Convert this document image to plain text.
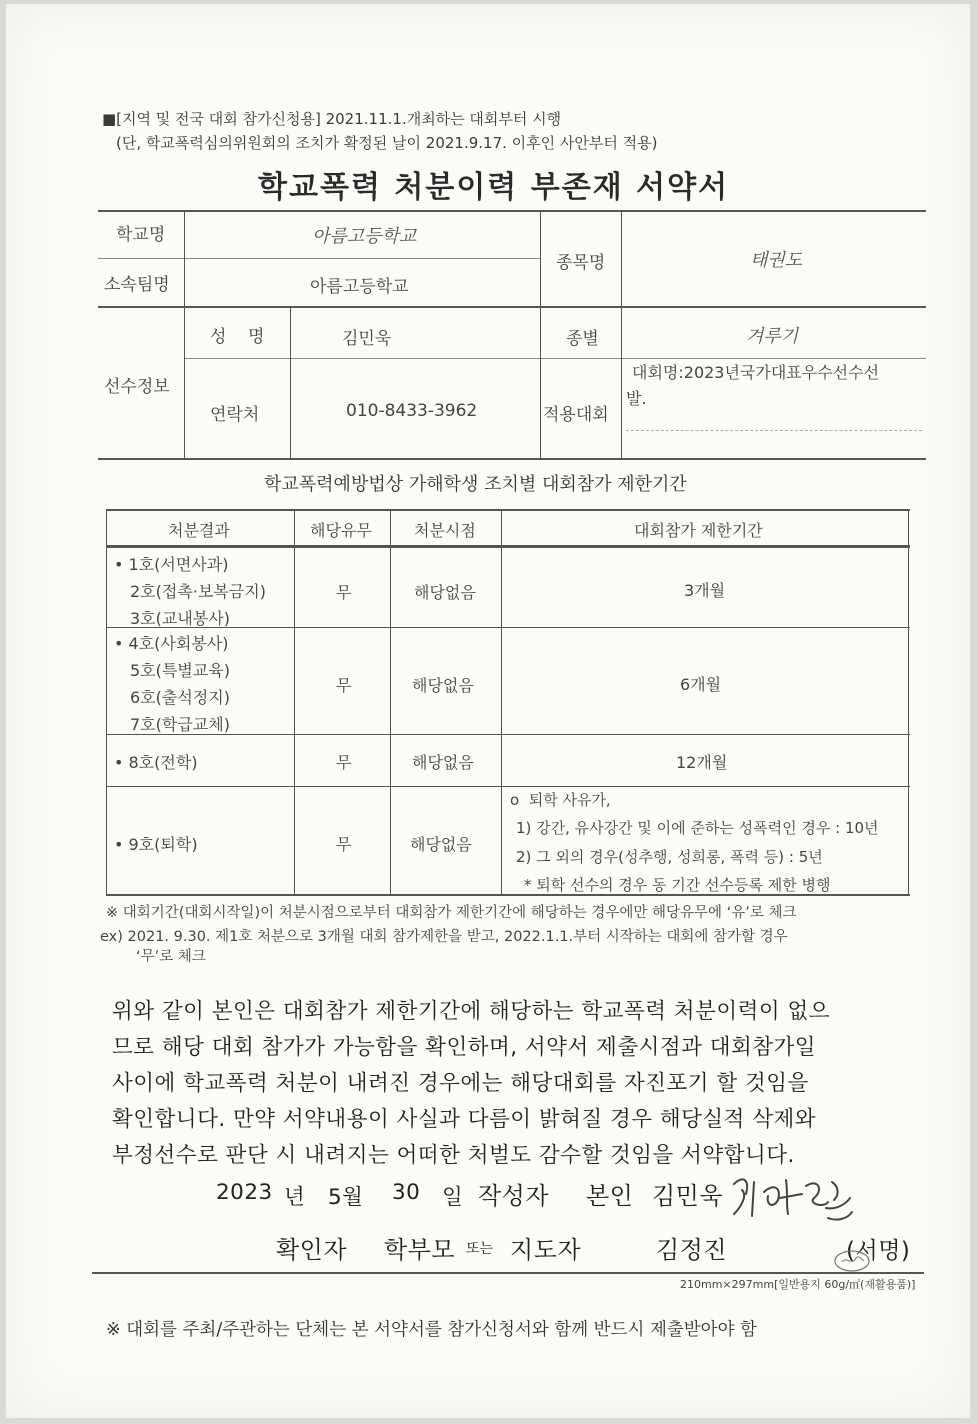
■[지역 및 전국 대회 참가신청용] 2021.11.1.개최하는 대회부터 시행
(단, 학교폭력심의위원회의 조치가 확정된 날이 2021.9.17. 이후인 사안부터 적용)
학교폭력 처분이력 부존재 서약서
학교명	아름고등학교
소속팀명	아름고등학교
종목명	태권도
선수정보
성    명	김민욱	종별	겨루기
연락처	010-8433-3962	적용대회
대회명:2023년국가대표우수선수선
발.
학교폭력예방법상 가해학생 조치별 대회참가 제한기간
처분결과	해당유무	처분시점	대회참가 제한기간
• 1호(서면사과)
2호(접촉·보복금지)
3호(교내봉사)
무	해당없음	3개월
• 4호(사회봉사)
5호(특별교육)
6호(출석정지)
7호(학급교체)
무	해당없음	6개월
• 8호(전학)	무	해당없음	12개월
• 9호(퇴학)	무	해당없음
o  퇴학 사유가,
1) 강간, 유사강간 및 이에 준하는 성폭력인 경우 : 10년
2) 그 외의 경우(성추행, 성희롱, 폭력 등) : 5년
* 퇴학 선수의 경우 동 기간 선수등록 제한 병행
※ 대회기간(대회시작일)이 처분시점으로부터 대회참가 제한기간에 해당하는 경우에만 해당유무에 ‘유’로 체크
ex) 2021. 9.30. 제1호 처분으로 3개월 대회 참가제한을 받고, 2022.1.1.부터 시작하는 대회에 참가할 경우
‘무’로 체크
위와 같이 본인은 대회참가 제한기간에 해당하는 학교폭력 처분이력이 없으
므로 해당 대회 참가가 가능함을 확인하며, 서약서 제출시점과 대회참가일
사이에 학교폭력 처분이 내려진 경우에는 해당대회를 자진포기 할 것임을
확인합니다. 만약 서약내용이 사실과 다름이 밝혀질 경우 해당실적 삭제와
부정선수로 판단 시 내려지는 어떠한 처벌도 감수할 것임을 서약합니다.
2023 년 5월 30 일 작성자 본인 김민욱
확인자 학부모 또는 지도자	김정진	(서명)
210mm×297mm[일반용지 60g/㎡(재활용품)]
※ 대회를 주최/주관하는 단체는 본 서약서를 참가신청서와 함께 반드시 제출받아야 함
